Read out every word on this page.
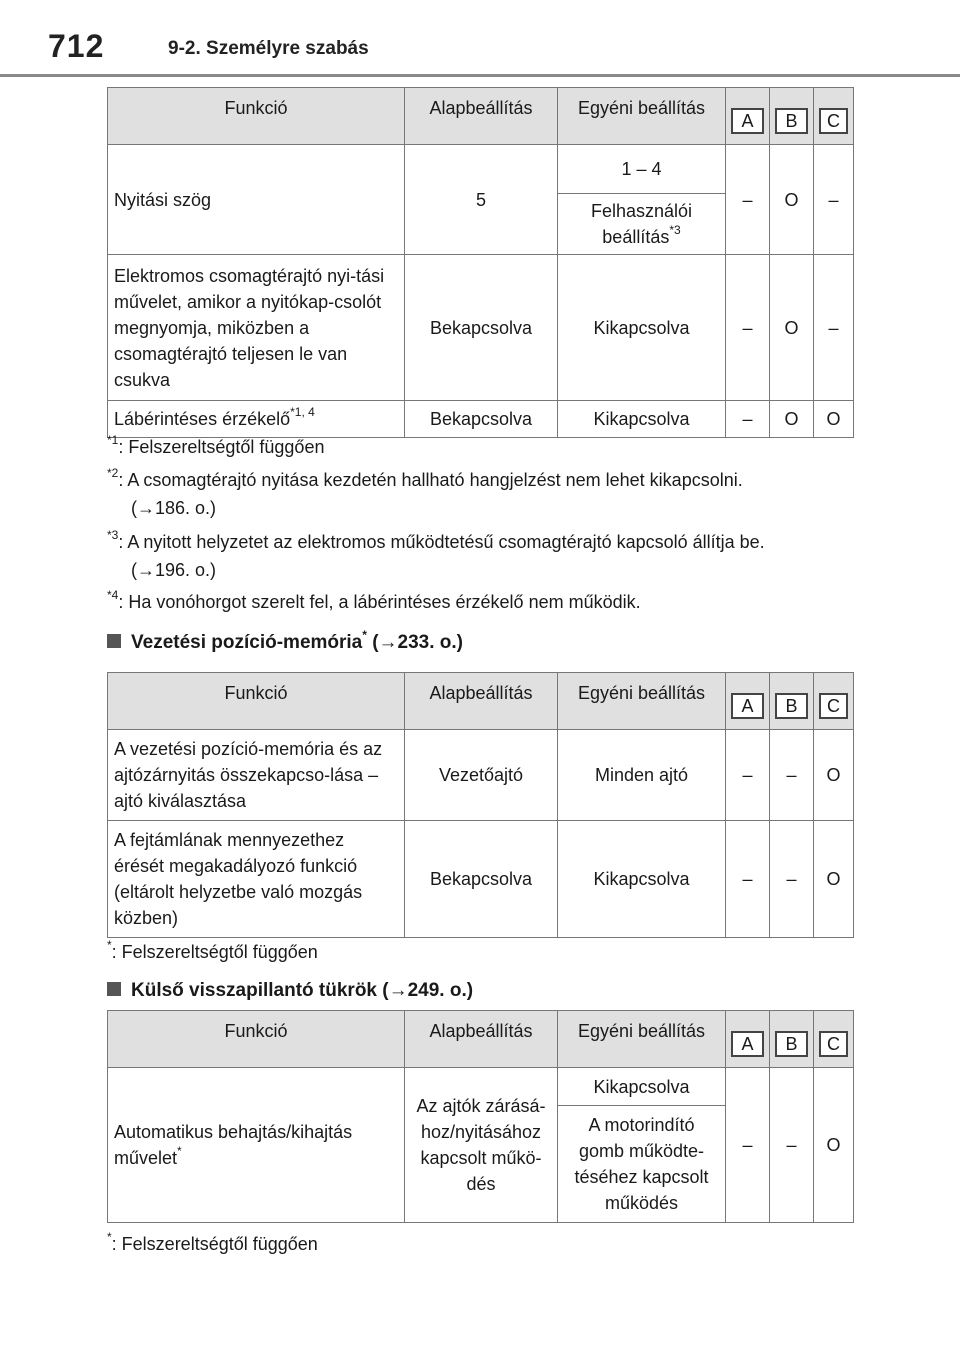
712	9-2. Személyre szabás
Funkció	Alapbeállítás	Egyéni beállítás	A	B	C

Nyitási szög	5	1 – 4	–	O	–
		Felhasználói beállítás$^{*3}$
Elektromos csomagtérajtó nyi-tási művelet, amikor a nyitókap-csolót megnyomja, miközben a csomagtérajtó teljesen le van csukva	Bekapcsolva	Kikapcsolva	–	O	–
Lábérintéses érzékelő$^{*1, 4}$	Bekapcsolva	Kikapcsolva	–	O	O
$^{*1}$: Felszereltségtől függően
$^{*2}$: A csomagtérajtó nyitása kezdetén hallható hangjelzést nem lehet kikapcsolni.
(→186. o.)
$^{*3}$: A nyitott helyzetet az elektromos működtetésű csomagtérajtó kapcsoló állítja be.
(→196. o.)
$^{*4}$: Ha vonóhorgot szerelt fel, a lábérintéses érzékelő nem működik.
Vezetési pozíció-memória* (→233. o.)
Funkció	Alapbeállítás	Egyéni beállítás	A	B	C

A vezetési pozíció-memória és az ajtózárnyitás összekapcso-lása – ajtó kiválasztása	Vezetőajtó	Minden ajtó	–	–	O
A fejtámlának mennyezethez érését megakadályozó funkció (eltárolt helyzetbe való mozgás közben)	Bekapcsolva	Kikapcsolva	–	–	O
*: Felszereltségtől függően
Külső visszapillantó tükrök (→249. o.)
Funkció	Alapbeállítás	Egyéni beállítás	A	B	C

Automatikus behajtás/kihajtás művelet*	Az ajtók zárásá-hoz/nyitásához kapcsolt műkö-dés	Kikapcsolva	–	–	O
		A motorindító gomb működte-téséhez kapcsolt működés			
*: Felszereltségtől függően
